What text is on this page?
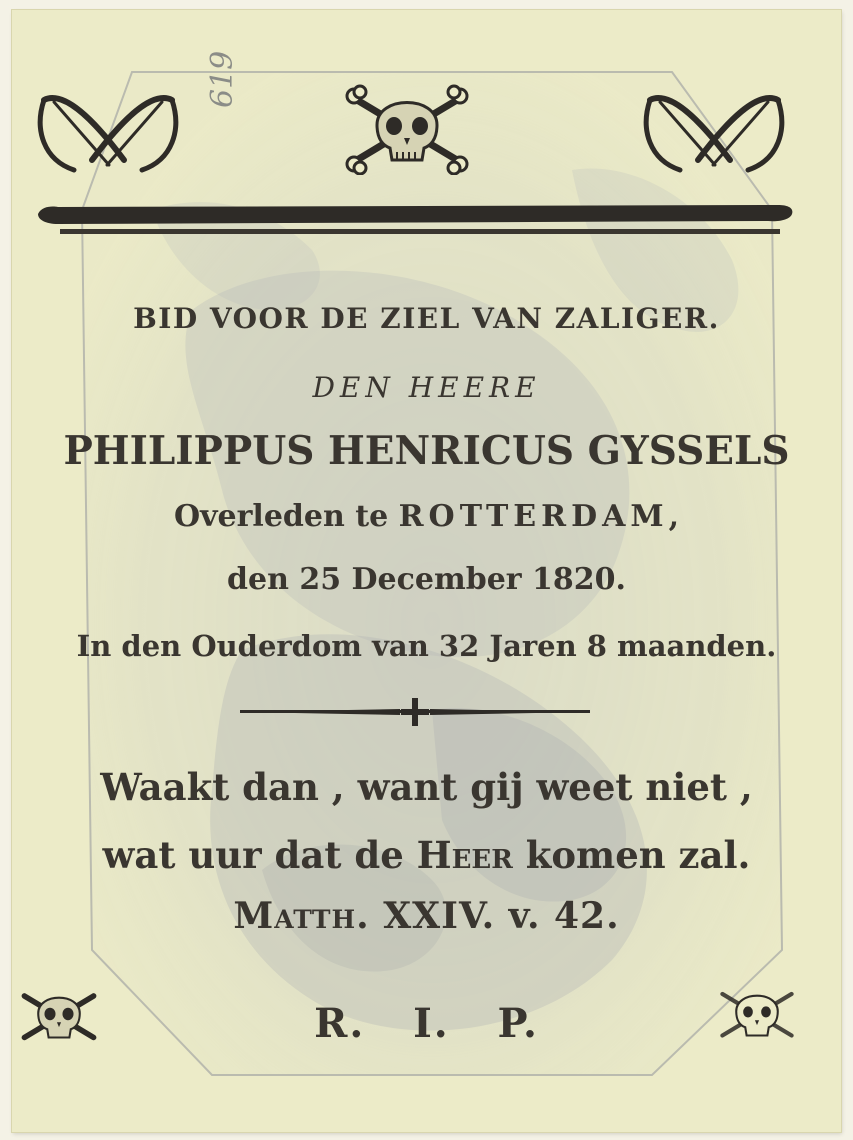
619
BID VOOR DE ZIEL VAN ZALIGER.
DEN HEERE
PHILIPPUS HENRICUS GYSSELS
Overleden te ROTTERDAM,
den 25 December 1820.
In den Ouderdom van 32 Jaren 8 maanden.
Waakt dan , want gij weet niet ,
wat uur dat de Heer komen zal.
Matth. XXIV. v. 42.
R.   I.   P.
